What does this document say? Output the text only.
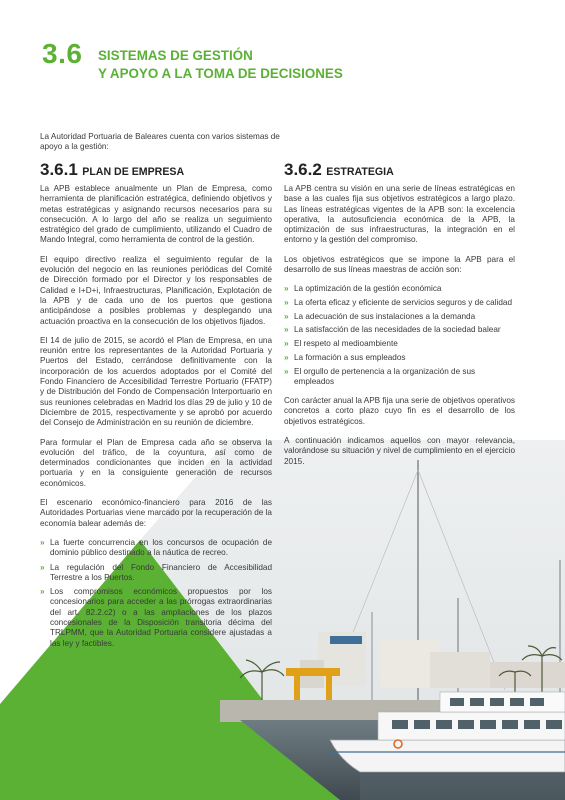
3.6 SISTEMAS DE GESTIÓN
Y APOYO A LA TOMA DE DECISIONES
La Autoridad Portuaria de Baleares cuenta con varios sistemas de apoyo a la gestión:
3.6.1 PLAN DE EMPRESA	3.6.2 ESTRATEGIA

La APB establece anualmente un Plan de Empresa, como herramienta de planificación estratégica, definiendo objetivos y metas estratégicas y asignando recursos necesarios para su consecución. A lo largo del año se realiza un seguimiento estratégico del grado de cumplimiento, utilizando el Cuadro de Mando Integral, como herramienta de control de la gestión.

El equipo directivo realiza el seguimiento regular de la evolución del negocio en las reuniones periódicas del Comité de Dirección formado por el Director y los responsables de Calidad e I+D+i, Infraestructuras, Planificación, Explotación de la APB y de cada uno de los puertos que gestiona anticipándose a posibles problemas y desplegando una actuación proactiva en la consecución de los objetivos fijados.

El 14 de julio de 2015, se acordó el Plan de Empresa, en una reunión entre los representantes de la Autoridad Portuaria y Puertos del Estado, cerrándose definitivamente con la incorporación de los acuerdos adoptados por el Comité del Fondo Financiero de Accesibilidad Terrestre Portuario (FFATP) y de Distribución del Fondo de Compensación Interportuario en sus reuniones celebradas en Madrid los días 29 de julio y 10 de Diciembre de 2015, respectivamente y se aprobó por acuerdo del Consejo de Administración en su reunión de diciembre.

Para formular el Plan de Empresa cada año se observa la evolución del tráfico, de la coyuntura, así como de determinados condicionantes que inciden en la actividad portuaria y en la consiguiente generación de recursos económicos.

El escenario económico-financiero para 2016 de las Autoridades Portuarias viene marcado por la recuperación de la economía balear además de:

» La fuerte concurrencia en los concursos de ocupación de dominio público destinado a la náutica de recreo.
» La regulación del Fondo Financiero de Accesibilidad Terrestre a los Puertos.
» Los compromisos económicos propuestos por los concesionarios para acceder a las prórrogas extraordinarias del art. 82.2.c2) o a las ampliaciones de los plazos concesionales de la Disposición transitoria décima del TRLPMM, que la Autoridad Portuaria considere ajustadas a las ley y factibles.

La APB centra su visión en una serie de líneas estratégicas en base a las cuales fija sus objetivos estratégicos a largo plazo. Las líneas estratégicas vigentes de la APB son: la excelencia operativa, la autosuficiencia económica de la APB, la optimización de sus infraestructuras, la integración en el entorno y la gestión del compromiso.

Los objetivos estratégicos que se impone la APB para el desarrollo de sus líneas maestras de acción son:

» La optimización de la gestión económica
» La oferta eficaz y eficiente de servicios seguros y de calidad
» La adecuación de sus instalaciones a la demanda
» La satisfacción de las necesidades de la sociedad balear
» El respeto al medioambiente
» La formación a sus empleados
» El orgullo de pertenencia a la organización de sus empleados

Con carácter anual la APB fija una serie de objetivos operativos concretos a corto plazo cuyo fin es el desarrollo de los objetivos estratégicos.

A continuación indicamos aquellos con mayor relevancia, valorándose su situación y nivel de cumplimiento en el ejercicio 2015.
